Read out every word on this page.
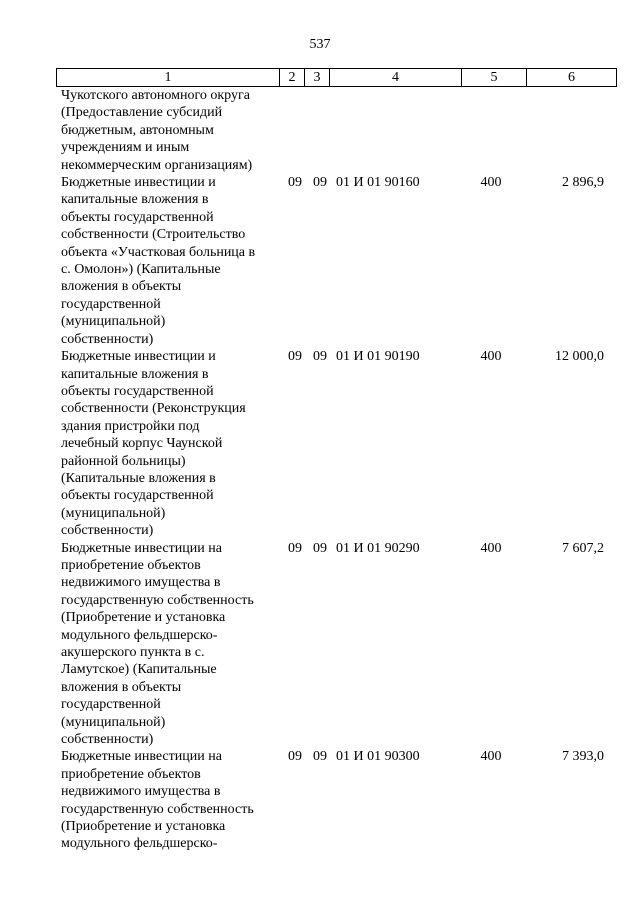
537
1	2	3	4	5	6
Чукотского автономного округа
(Предоставление субсидий
бюджетным, автономным
учреждениям и иным
некоммерческим организациям)
Бюджетные инвестиции и
капитальные вложения в
объекты государственной
собственности (Строительство
объекта «Участковая больница в
с. Омолон») (Капитальные
вложения в объекты
государственной
(муниципальной)
собственности)
09 09 01 И 01 90160	400	2 896,9
Бюджетные инвестиции и
капитальные вложения в
объекты государственной
собственности (Реконструкция
здания пристройки под
лечебный корпус Чаунской
районной больницы)
(Капитальные вложения в
объекты государственной
(муниципальной)
собственности)
09 09 01 И 01 90190	400	12 000,0
Бюджетные инвестиции на
приобретение объектов
недвижимого имущества в
государственную собственность
(Приобретение и установка
модульного фельдшерско-
акушерского пункта в с.
Ламутское) (Капитальные
вложения в объекты
государственной
(муниципальной)
собственности)
09 09 01 И 01 90290	400	7 607,2
Бюджетные инвестиции на
приобретение объектов
недвижимого имущества в
государственную собственность
(Приобретение и установка
модульного фельдшерско-
09 09 01 И 01 90300	400	7 393,0
